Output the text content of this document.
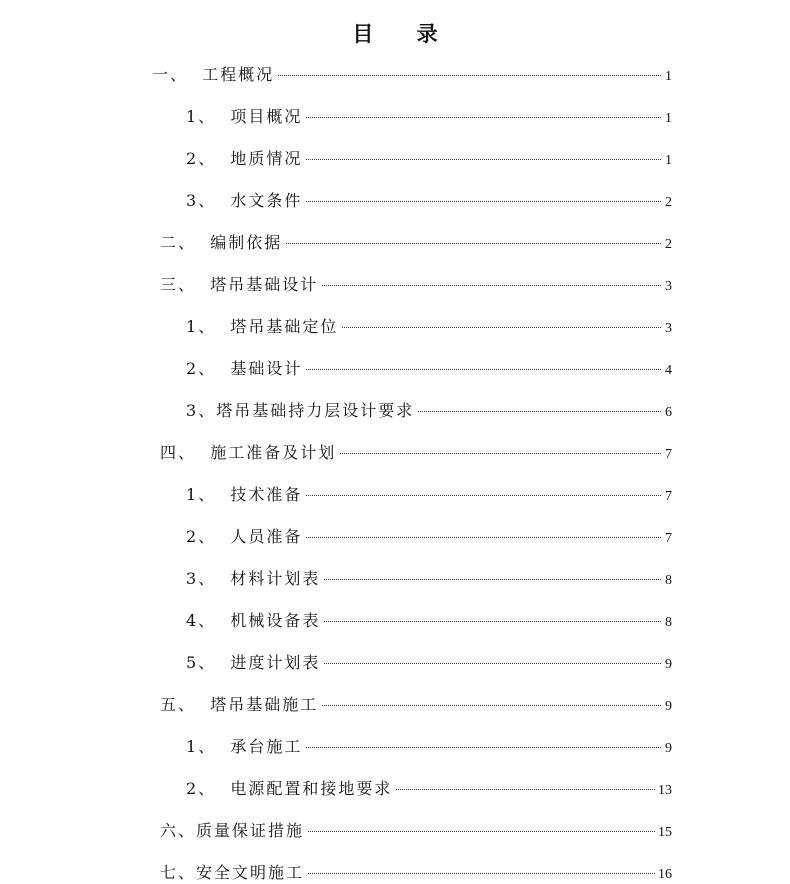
目 录
一、 工程概况	1
1、 项目概况	1
2、 地质情况	1
3、 水文条件	2
二、 编制依据	2
三、 塔吊基础设计	3
1、 塔吊基础定位	3
2、 基础设计	4
3、 塔吊基础持力层设计要求	6
四、 施工准备及计划	7
1、 技术准备	7
2、 人员准备	7
3、 材料计划表	8
4、 机械设备表	8
5、 进度计划表	9
五、 塔吊基础施工	9
1、 承台施工	9
2、 电源配置和接地要求	13
六、 质量保证措施	15
七、 安全文明施工	16
